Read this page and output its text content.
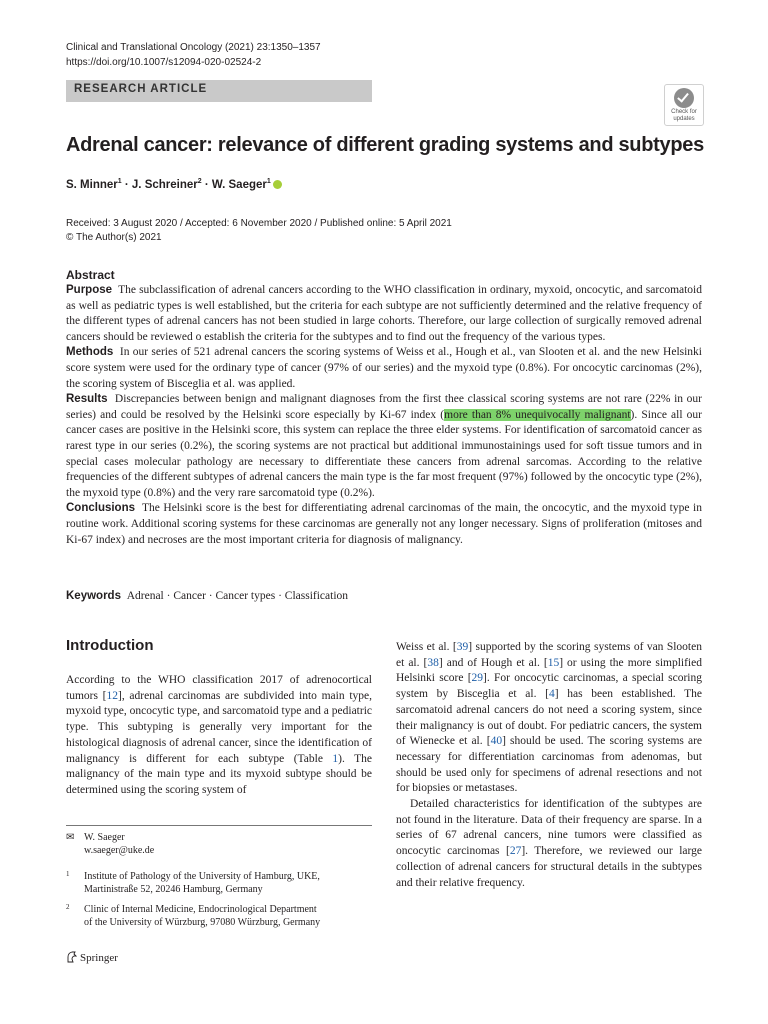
Clinical and Translational Oncology (2021) 23:1350–1357
https://doi.org/10.1007/s12094-020-02524-2
RESEARCH ARTICLE
Check for
updates
Adrenal cancer: relevance of different grading systems and subtypes
S. Minner$^1$ · J. Schreiner$^2$ · W. Saeger$^1$
Received: 3 August 2020 / Accepted: 6 November 2020 / Published online: 5 April 2021
© The Author(s) 2021
Abstract

Purpose The subclassification of adrenal cancers according to the WHO classification in ordinary, myxoid, oncocytic, and sarcomatoid as well as pediatric types is well established, but the criteria for each subtype are not sufficiently determined and the relative frequency of the different types of adrenal cancers has not been studied in large cohorts. Therefore, our large collection of surgically removed adrenal cancers should be reviewed o establish the criteria for the subtypes and to find out the frequency of the various types.

Methods In our series of 521 adrenal cancers the scoring systems of Weiss et al., Hough et al., van Slooten et al. and the new Helsinki score system were used for the ordinary type of cancer (97% of our series) and the myxoid type (0.8%). For oncocytic carcinomas (2%), the scoring system of Bisceglia et al. was applied.

Results Discrepancies between benign and malignant diagnoses from the first thee classical scoring systems are not rare (22% in our series) and could be resolved by the Helsinki score especially by Ki-67 index (more than 8% unequivocally malignant). Since all our cancer cases are positive in the Helsinki score, this system can replace the three elder systems. For identification of sarcomatoid cancer as rarest type in our series (0.2%), the scoring systems are not practical but additional immunostainings used for soft tissue tumors and in special cases molecular pathology are necessary to differentiate these cancers from adrenal sarcomas. According to the relative frequencies of the different subtypes of adrenal cancers the main type is the far most frequent (97%) followed by the oncocytic type (2%), the myxoid type (0.8%) and the very rare sarcomatoid type (0.2%).

Conclusions The Helsinki score is the best for differentiating adrenal carcinomas of the main, the oncocytic, and the myxoid type in routine work. Additional scoring systems for these carcinomas are generally not any longer necessary. Signs of proliferation (mitoses and Ki-67 index) and necroses are the most important criteria for diagnosis of malignancy.

Keywords Adrenal · Cancer · Cancer types · Classification
Introduction

According to the WHO classification 2017 of adrenocortical tumors [12], adrenal carcinomas are subdivided into main type, myxoid type, oncocytic type, and sarcomatoid type and a pediatric type. This subtyping is generally very important for the histological diagnosis of adrenal cancer, since the identification of malignancy is different for each subtype (Table 1). The malignancy of the main type and its myxoid subtype should be determined using the scoring system of

Weiss et al. [39] supported by the scoring systems of van Slooten et al. [38] and of Hough et al. [15] or using the more simplified Helsinki score [29]. For oncocytic carcinomas, a special scoring system by Bisceglia et al. [4] has been established. The sarcomatoid adrenal cancers do not need a scoring system, since their malignancy is out of doubt. For pediatric cancers, the system of Wienecke et al. [40] should be used. The scoring systems are necessary for differentiation carcinomas from adenomas, but should be used only for specimens of adrenal resections and not for biopsies or metastases.

Detailed characteristics for identification of the subtypes are not found in the literature. Data of their frequency are sparse. In a series of 67 adrenal cancers, nine tumors were classified as oncocytic carcinomas [27]. Therefore, we reviewed our large collection of adrenal cancers for structural details in the subtypes and their relative frequency.

✉ W. Saeger
w.saeger@uke.de
1 Institute of Pathology of the University of Hamburg, UKE,
Martinistraße 52, 20246 Hamburg, Germany
2 Clinic of Internal Medicine, Endocrinological Department
of the University of Würzburg, 97080 Würzburg, Germany
Springer
